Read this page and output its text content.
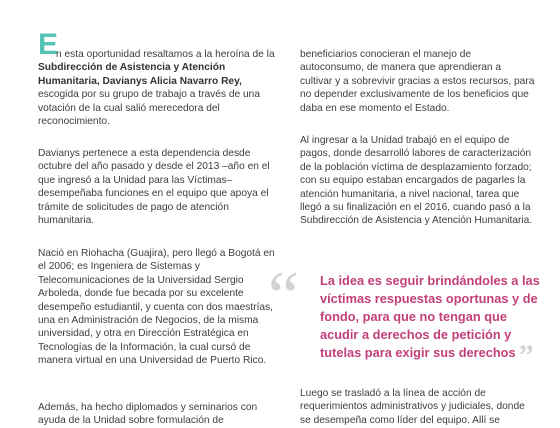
E

n esta oportunidad resaltamos a la heroína de la Subdirección de Asistencia y Atención Humanitaria, Davianys Alicia Navarro Rey, escogida por su grupo de trabajo a través de una votación de la cual salió merecedora del reconocimiento.

Davianys pertenece a esta dependencia desde octubre del año pasado y desde el 2013 –año en el que ingresó a la Unidad para las Víctimas– desempeñaba funciones en el equipo que apoya el trámite de solicitudes de pago de atención humanitaria.

Nació en Riohacha (Guajira), pero llegó a Bogotá en el 2006; es Ingeniera de Sistemas y Telecomunicaciones de la Universidad Sergio Arboleda, donde fue becada por su excelente desempeño estudiantil, y cuenta con dos maestrías, una en Administración de Negocios, de la misma universidad, y otra en Dirección Estratégica en Tecnologías de la Información, la cual cursó de manera virtual en una Universidad de Puerto Rico.

Además, ha hecho diplomados y seminarios con ayuda de la Unidad sobre formulación de

beneficiarios conocieran el manejo de autoconsumo, de manera que aprendieran a cultivar y a sobrevivir gracias a estos recursos, para no depender exclusivamente de los beneficios que daba en ese momento el Estado.

Al ingresar a la Unidad trabajó en el equipo de pagos, donde desarrolló labores de caracterización de la población víctima de desplazamiento forzado; con su equipo estaban encargados de pagarles la atención humanitaria, a nivel nacional, tarea que llegó a su finalización en el 2016, cuando pasó a la Subdirección de Asistencia y Atención Humanitaria.

Luego se trasladó a la línea de acción de requerimientos administrativos y judiciales, donde se desempeña como líder del equipo. Allí se

“ La idea es seguir brindándoles a las víctimas respuestas oportunas y de fondo, para que no tengan que acudir a derechos de petición y tutelas para exigir sus derechos ”
